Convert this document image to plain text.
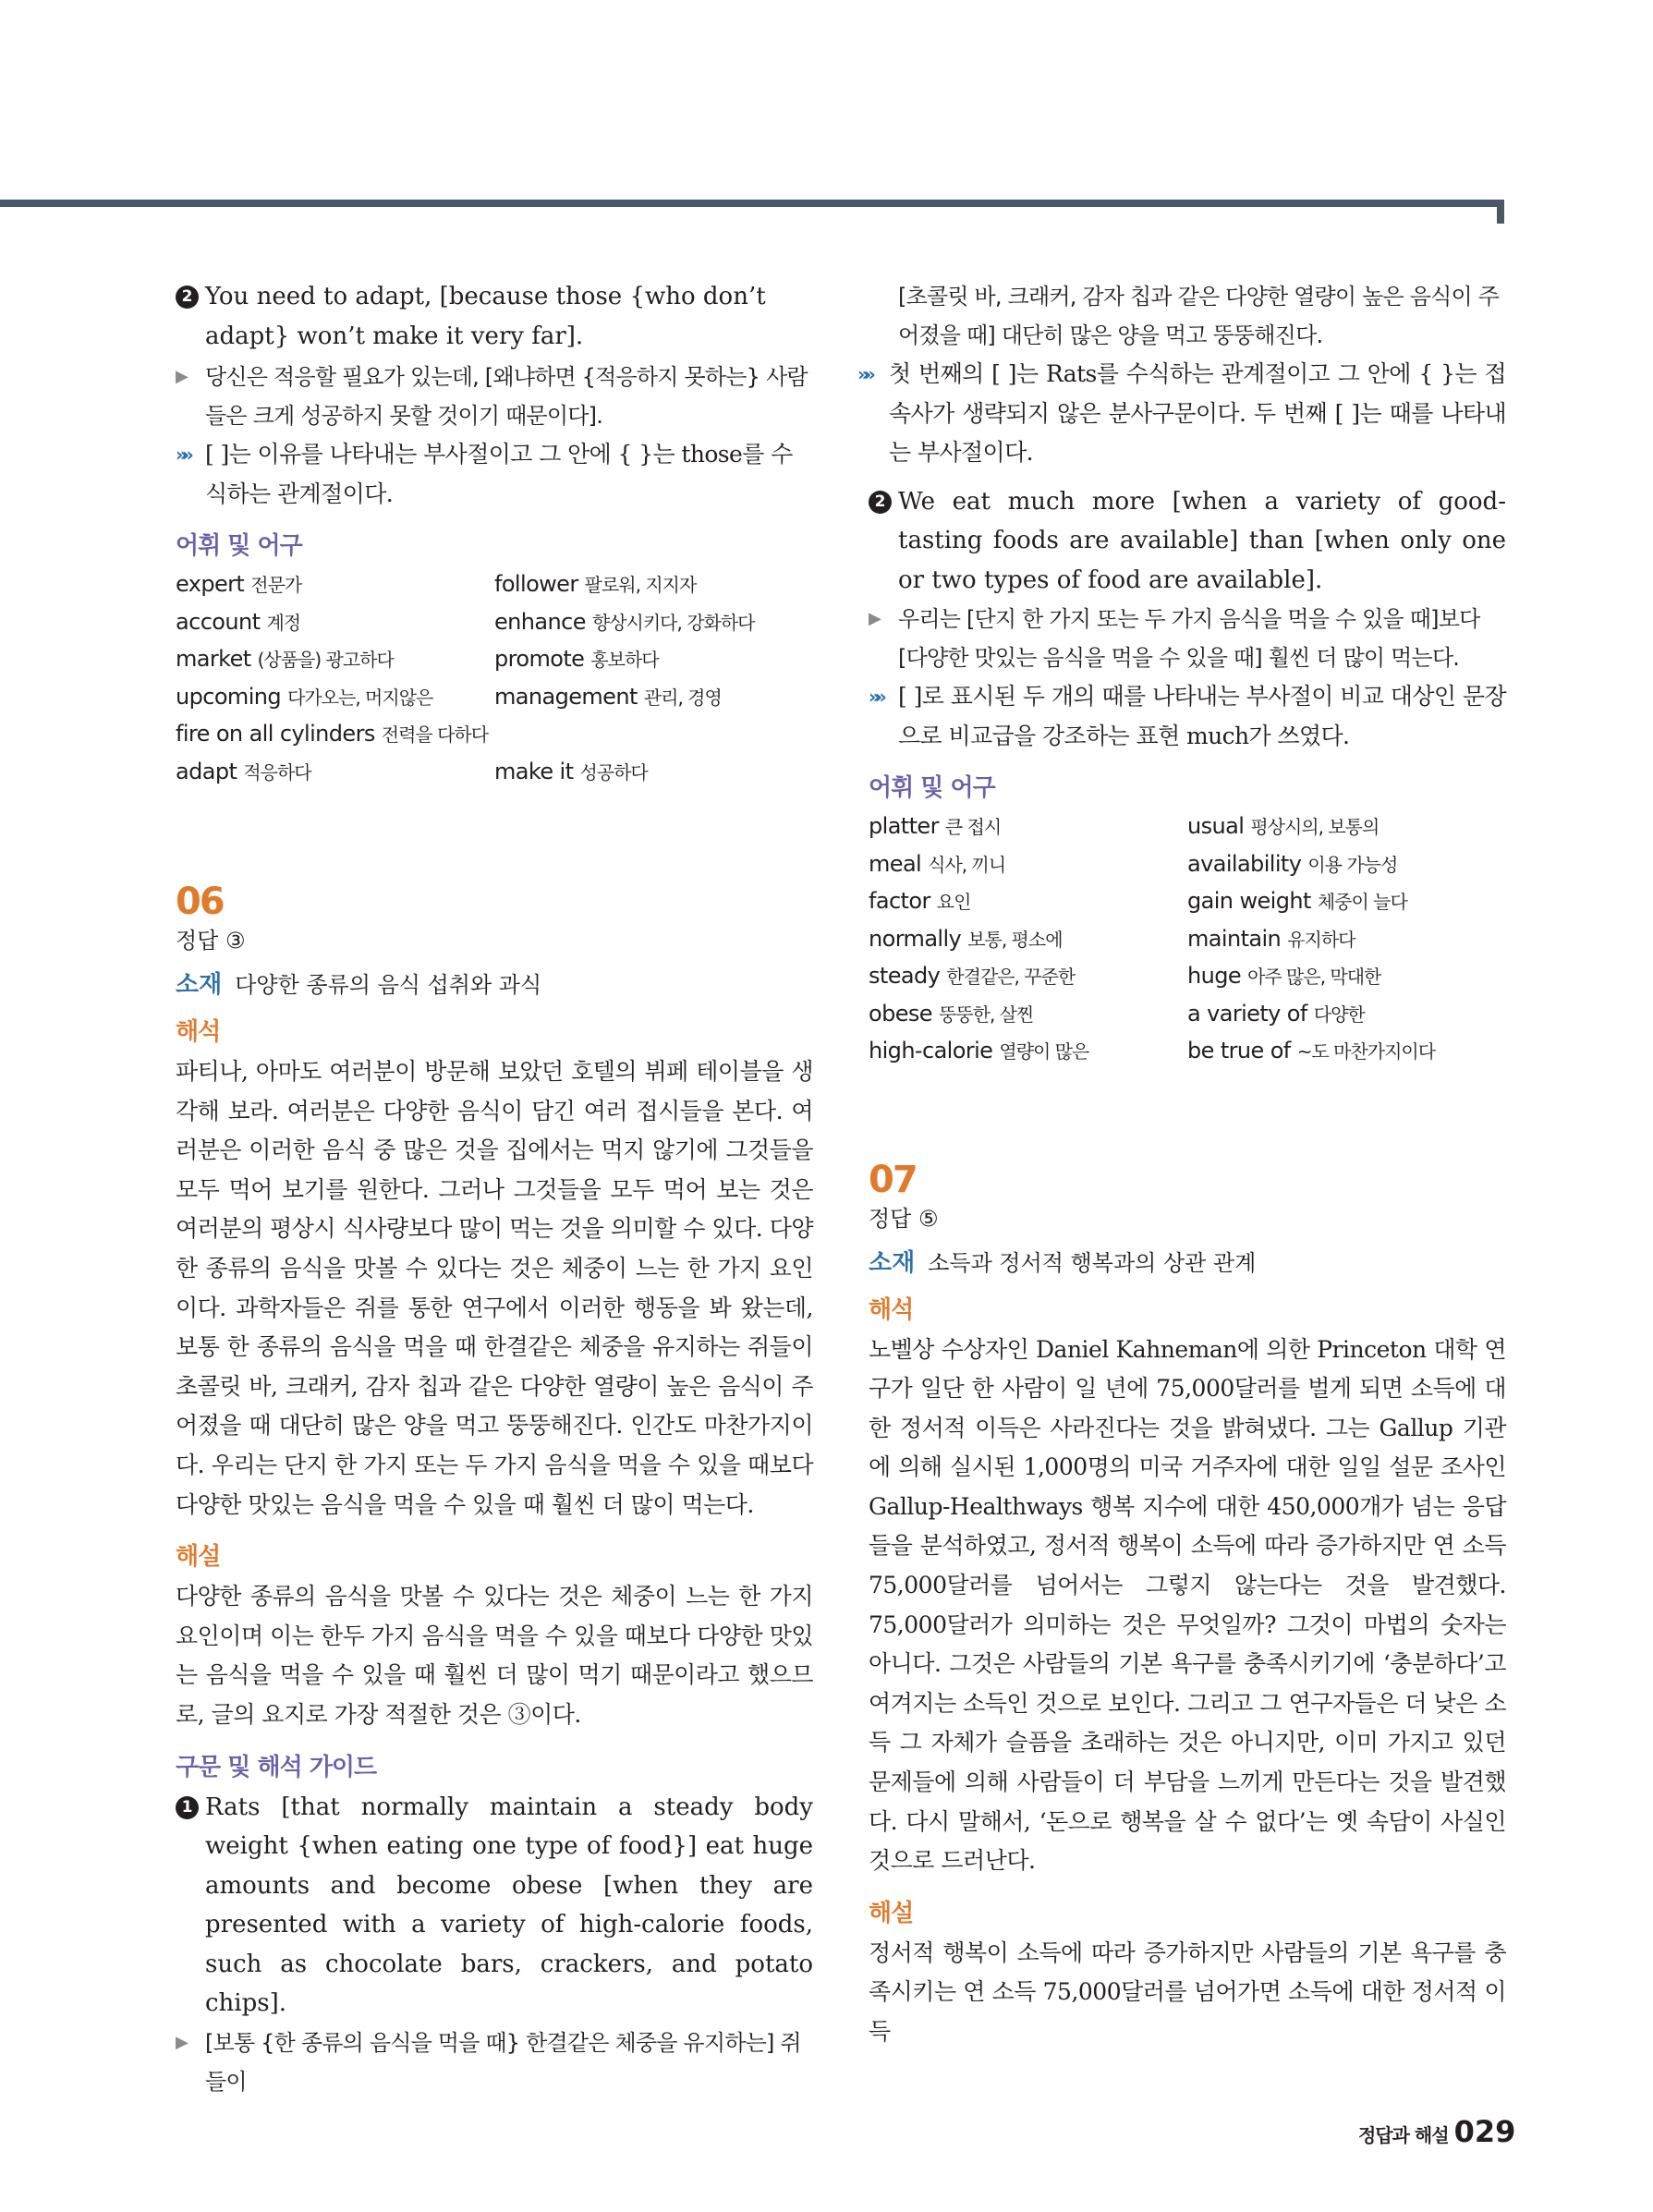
2 You need to adapt, [because those {who don’t adapt} won’t make it very far].

▶ 당신은 적응할 필요가 있는데, [왜냐하면 {적응하지 못하는} 사람들은 크게 성공하지 못할 것이기 때문이다].

»» [ ]는 이유를 나타내는 부사절이고 그 안에 { }는 those를 수식하는 관계절이다.

어휘 및 어구
expert 전문가	follower 팔로워, 지지자
account 계정	enhance 향상시키다, 강화하다
market (상품을) 광고하다	promote 홍보하다
upcoming 다가오는, 머지않은	management 관리, 경영
fire on all cylinders 전력을 다하다
adapt 적응하다	make it 성공하다

06

정답 ③

소재 다양한 종류의 음식 섭취와 과식

해석

파티나, 아마도 여러분이 방문해 보았던 호텔의 뷔페 테이블을 생각해 보라. 여러분은 다양한 음식이 담긴 여러 접시들을 본다. 여러분은 이러한 음식 중 많은 것을 집에서는 먹지 않기에 그것들을 모두 먹어 보기를 원한다. 그러나 그것들을 모두 먹어 보는 것은 여러분의 평상시 식사량보다 많이 먹는 것을 의미할 수 있다. 다양한 종류의 음식을 맛볼 수 있다는 것은 체중이 느는 한 가지 요인이다. 과학자들은 쥐를 통한 연구에서 이러한 행동을 봐 왔는데, 보통 한 종류의 음식을 먹을 때 한결같은 체중을 유지하는 쥐들이 초콜릿 바, 크래커, 감자 칩과 같은 다양한 열량이 높은 음식이 주어졌을 때 대단히 많은 양을 먹고 뚱뚱해진다. 인간도 마찬가지이다. 우리는 단지 한 가지 또는 두 가지 음식을 먹을 수 있을 때보다 다양한 맛있는 음식을 먹을 수 있을 때 훨씬 더 많이 먹는다.

해설

다양한 종류의 음식을 맛볼 수 있다는 것은 체중이 느는 한 가지 요인이며 이는 한두 가지 음식을 먹을 수 있을 때보다 다양한 맛있는 음식을 먹을 수 있을 때 훨씬 더 많이 먹기 때문이라고 했으므로, 글의 요지로 가장 적절한 것은 ③이다.

구문 및 해석 가이드

1 Rats [that normally maintain a steady body weight {when eating one type of food}] eat huge amounts and become obese [when they are presented with a variety of high-calorie foods, such as chocolate bars, crackers, and potato chips].

▶ [보통 {한 종류의 음식을 먹을 때} 한결같은 체중을 유지하는] 쥐들이

[초콜릿 바, 크래커, 감자 칩과 같은 다양한 열량이 높은 음식이 주어졌을 때] 대단히 많은 양을 먹고 뚱뚱해진다.

»» 첫 번째의 [ ]는 Rats를 수식하는 관계절이고 그 안에 { }는 접속사가 생략되지 않은 분사구문이다. 두 번째 [ ]는 때를 나타내는 부사절이다.

2 We eat much more [when a variety of good-tasting foods are available] than [when only one or two types of food are available].

▶ 우리는 [단지 한 가지 또는 두 가지 음식을 먹을 수 있을 때]보다 [다양한 맛있는 음식을 먹을 수 있을 때] 훨씬 더 많이 먹는다.

»» [ ]로 표시된 두 개의 때를 나타내는 부사절이 비교 대상인 문장으로 비교급을 강조하는 표현 much가 쓰였다.

어휘 및 어구
platter 큰 접시	usual 평상시의, 보통의
meal 식사, 끼니	availability 이용 가능성
factor 요인	gain weight 체중이 늘다
normally 보통, 평소에	maintain 유지하다
steady 한결같은, 꾸준한	huge 아주 많은, 막대한
obese 뚱뚱한, 살찐	a variety of 다양한
high-calorie 열량이 많은	be true of ~도 마찬가지이다

07

정답 ⑤

소재 소득과 정서적 행복과의 상관 관계

해석

노벨상 수상자인 Daniel Kahneman에 의한 Princeton 대학 연구가 일단 한 사람이 일 년에 75,000달러를 벌게 되면 소득에 대한 정서적 이득은 사라진다는 것을 밝혀냈다. 그는 Gallup 기관에 의해 실시된 1,000명의 미국 거주자에 대한 일일 설문 조사인 Gallup-Healthways 행복 지수에 대한 450,000개가 넘는 응답들을 분석하였고, 정서적 행복이 소득에 따라 증가하지만 연 소득 75,000달러를 넘어서는 그렇지 않는다는 것을 발견했다. 75,000달러가 의미하는 것은 무엇일까? 그것이 마법의 숫자는 아니다. 그것은 사람들의 기본 욕구를 충족시키기에 ‘충분하다’고 여겨지는 소득인 것으로 보인다. 그리고 그 연구자들은 더 낮은 소득 그 자체가 슬픔을 초래하는 것은 아니지만, 이미 가지고 있던 문제들에 의해 사람들이 더 부담을 느끼게 만든다는 것을 발견했다. 다시 말해서, ‘돈으로 행복을 살 수 없다’는 옛 속담이 사실인 것으로 드러난다.

해설

정서적 행복이 소득에 따라 증가하지만 사람들의 기본 욕구를 충족시키는 연 소득 75,000달러를 넘어가면 소득에 대한 정서적 이득

정답과 해설 029
